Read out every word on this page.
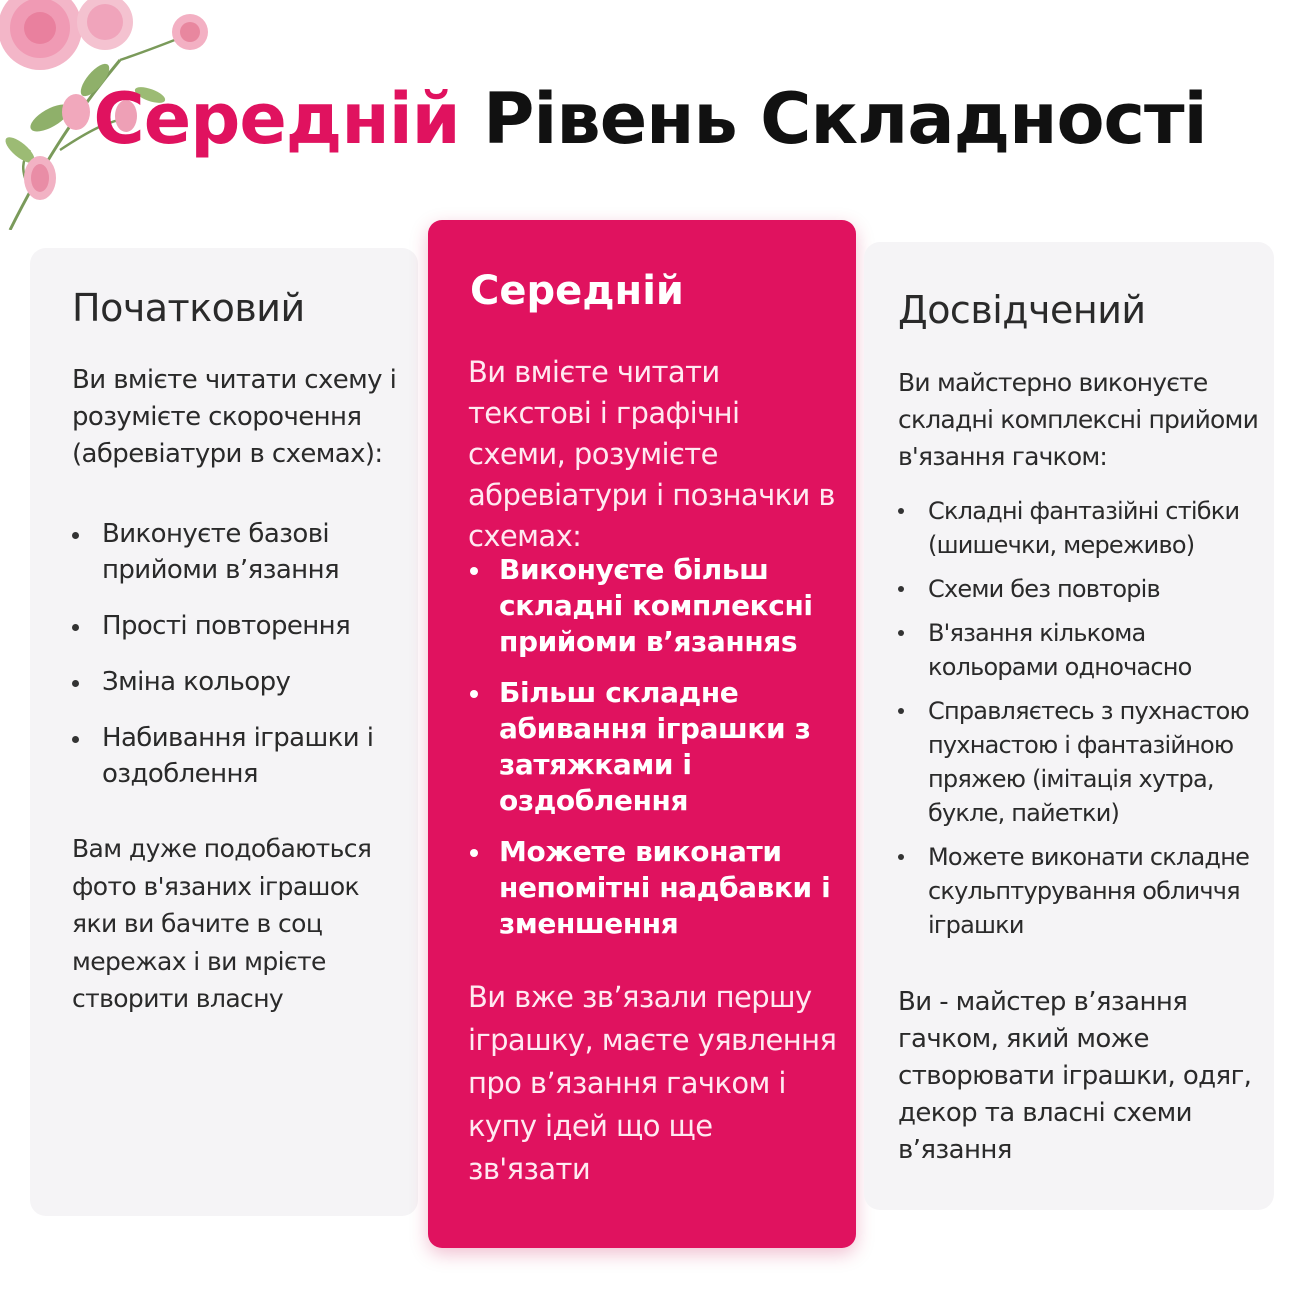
Середній Рівень Складності
Початковий

Ви вмієте читати схему і розумієте скорочення (абревіатури в схемах):

Виконуєте базові прийоми в’язання
Прості повторення
Зміна кольору
Набивання іграшки і оздоблення

Вам дуже подобаються фото в'язаних іграшок яки ви бачите в соц мережах і ви мрієте створити власну

Середній

Ви вмієте читати текстові і графічні схеми, розумієте абревіатури і позначки в схемах:

Виконуєте більш складні комплексні прийоми в’язанняs
Більш складне абивання іграшки з затяжками і оздоблення
Можете виконати непомітні надбавки і зменшення

Ви вже зв’язали першу іграшку, маєте уявлення про в’язання гачком і купу ідей що ще зв'язати

Досвідчений

Ви майстерно виконуєте складні комплексні прийоми в'язання гачком:

Складні фантазійні стібки (шишечки, мереживо)
Схеми без повторів
В'язання кількома кольорами одночасно
Справляєтесь з пухнастою пухнастою і фантазійною пряжею (імітація хутра, букле, пайетки)
Можете виконати складне скульптурування обличчя іграшки

Ви - майстер в’язання гачком, який може створювати іграшки, одяг, декор та власні схеми в’язання
